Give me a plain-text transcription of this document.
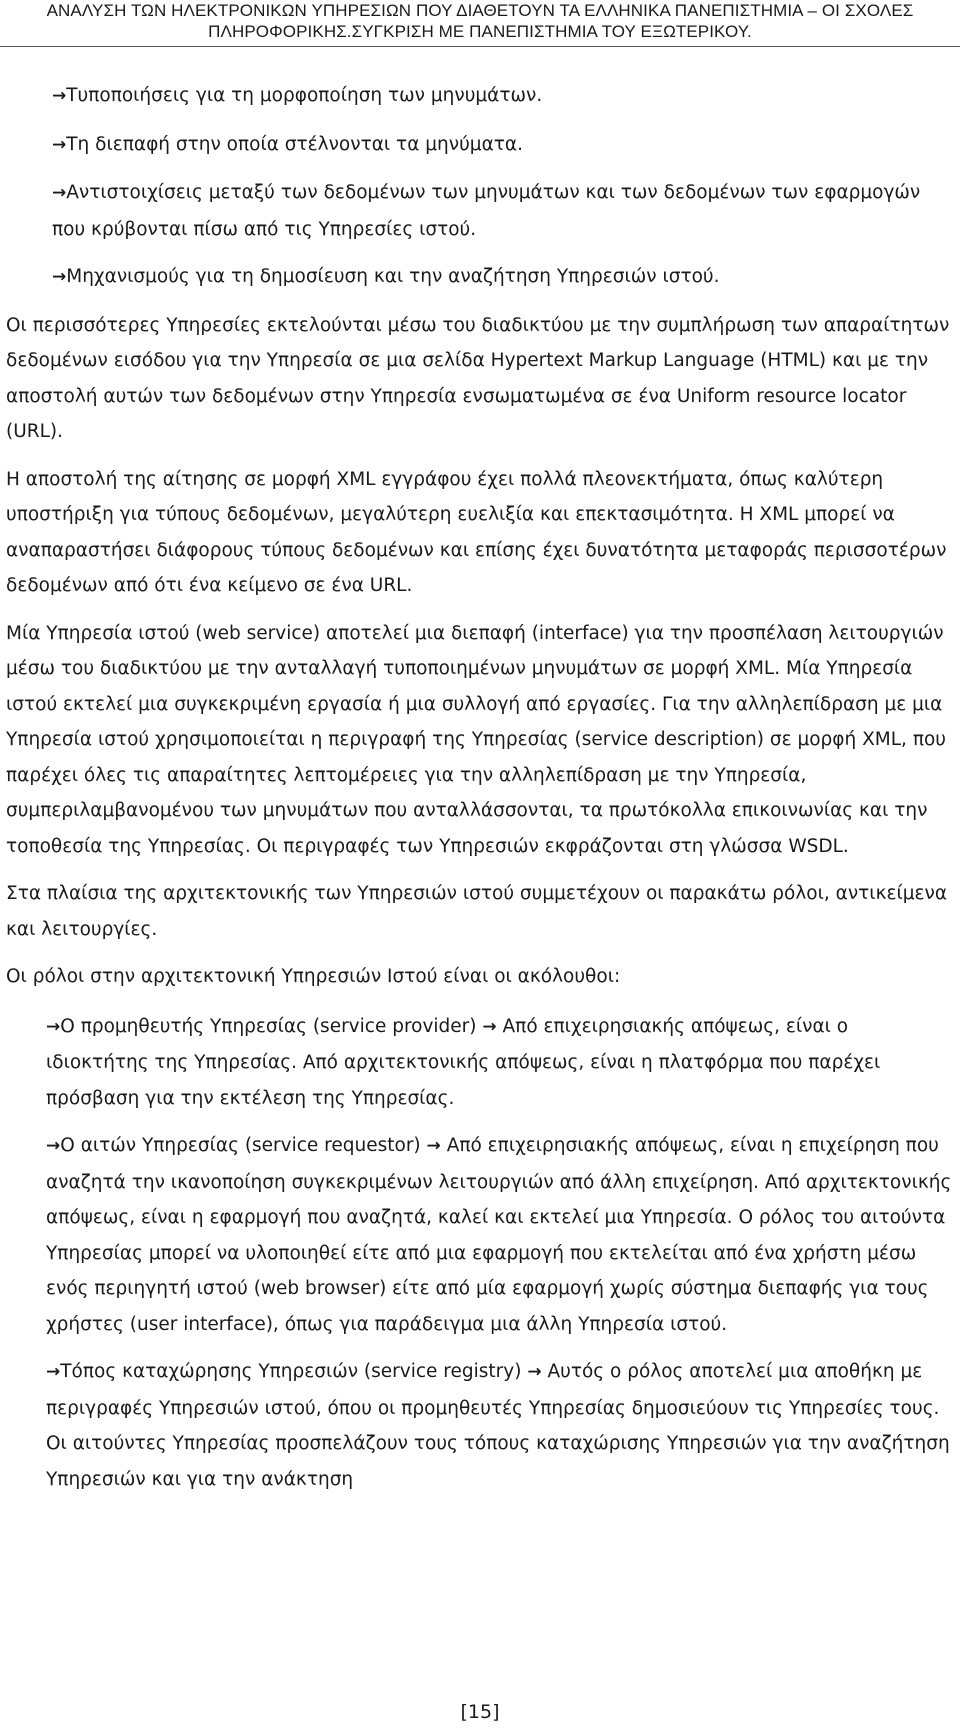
ΑΝΑΛΥΣΗ ΤΩΝ ΗΛΕΚΤΡΟΝΙΚΩΝ ΥΠΗΡΕΣΙΩΝ ΠΟΥ ΔΙΑΘΕΤΟΥΝ ΤΑ ΕΛΛΗΝΙΚΑ ΠΑΝΕΠΙΣΤΗΜΙΑ – ΟΙ ΣΧΟΛΕΣ
ΠΛΗΡΟΦΟΡΙΚΗΣ.ΣΥΓΚΡΙΣΗ ΜΕ ΠΑΝΕΠΙΣΤΗΜΙΑ ΤΟΥ ΕΞΩΤΕΡΙΚΟΥ.

→Τυποποιήσεις για τη μορφοποίηση των μηνυμάτων.

→Τη διεπαφή στην οποία στέλνονται τα μηνύματα.

→Αντιστοιχίσεις μεταξύ των δεδομένων των μηνυμάτων και των δεδομένων των εφαρμογών που κρύβονται πίσω από τις Υπηρεσίες ιστού.

→Μηχανισμούς για τη δημοσίευση και την αναζήτηση Υπηρεσιών ιστού.

Οι περισσότερες Υπηρεσίες εκτελούνται μέσω του διαδικτύου με την συμπλήρωση των απαραίτητων δεδομένων εισόδου για την Υπηρεσία σε μια σελίδα Hypertext Markup Language (HTML) και με την αποστολή αυτών των δεδομένων στην Υπηρεσία ενσωματωμένα σε ένα Uniform resource locator (URL).

Η αποστολή της αίτησης σε μορφή XML εγγράφου έχει πολλά πλεονεκτήματα, όπως καλύτερη υποστήριξη για τύπους δεδομένων, μεγαλύτερη ευελιξία και επεκτασιμότητα. Η XML μπορεί να αναπαραστήσει διάφορους τύπους δεδομένων και επίσης έχει δυνατότητα μεταφοράς περισσοτέρων δεδομένων από ότι ένα κείμενο σε ένα URL.

Μία Υπηρεσία ιστού (web service) αποτελεί μια διεπαφή (interface) για την προσπέλαση λειτουργιών μέσω του διαδικτύου με την ανταλλαγή τυποποιημένων μηνυμάτων σε μορφή XML. Μία Υπηρεσία ιστού εκτελεί μια συγκεκριμένη εργασία ή μια συλλογή από εργασίες. Για την αλληλεπίδραση με μια Υπηρεσία ιστού χρησιμοποιείται η περιγραφή της Υπηρεσίας (service description) σε μορφή XML, που παρέχει όλες τις απαραίτητες λεπτομέρειες για την αλληλεπίδραση με την Υπηρεσία, συμπεριλαμβανομένου των μηνυμάτων που ανταλλάσσονται, τα πρωτόκολλα επικοινωνίας και την τοποθεσία της Υπηρεσίας. Οι περιγραφές των Υπηρεσιών εκφράζονται στη γλώσσα WSDL.

Στα πλαίσια της αρχιτεκτονικής των Υπηρεσιών ιστού συμμετέχουν οι παρακάτω ρόλοι, αντικείμενα και λειτουργίες.

Οι ρόλοι στην αρχιτεκτονική Υπηρεσιών Ιστού είναι οι ακόλουθοι:

→Ο προμηθευτής Υπηρεσίας (service provider) → Από επιχειρησιακής απόψεως, είναι ο ιδιοκτήτης της Υπηρεσίας. Από αρχιτεκτονικής απόψεως, είναι η πλατφόρμα που παρέχει πρόσβαση για την εκτέλεση της Υπηρεσίας.

→Ο αιτών Υπηρεσίας (service requestor) → Από επιχειρησιακής απόψεως, είναι η επιχείρηση που αναζητά την ικανοποίηση συγκεκριμένων λειτουργιών από άλλη επιχείρηση. Από αρχιτεκτονικής απόψεως, είναι η εφαρμογή που αναζητά, καλεί και εκτελεί μια Υπηρεσία. Ο ρόλος του αιτούντα Υπηρεσίας μπορεί να υλοποιηθεί είτε από μια εφαρμογή που εκτελείται από ένα χρήστη μέσω ενός περιηγητή ιστού (web browser) είτε από μία εφαρμογή χωρίς σύστημα διεπαφής για τους χρήστες (user interface), όπως για παράδειγμα μια άλλη Υπηρεσία ιστού.

→Τόπος καταχώρησης Υπηρεσιών (service registry) → Αυτός ο ρόλος αποτελεί μια αποθήκη με περιγραφές Υπηρεσιών ιστού, όπου οι προμηθευτές Υπηρεσίας δημοσιεύουν τις Υπηρεσίες τους. Οι αιτούντες Υπηρεσίας προσπελάζουν τους τόπους καταχώρισης Υπηρεσιών για την αναζήτηση Υπηρεσιών και για την ανάκτηση

[15]
